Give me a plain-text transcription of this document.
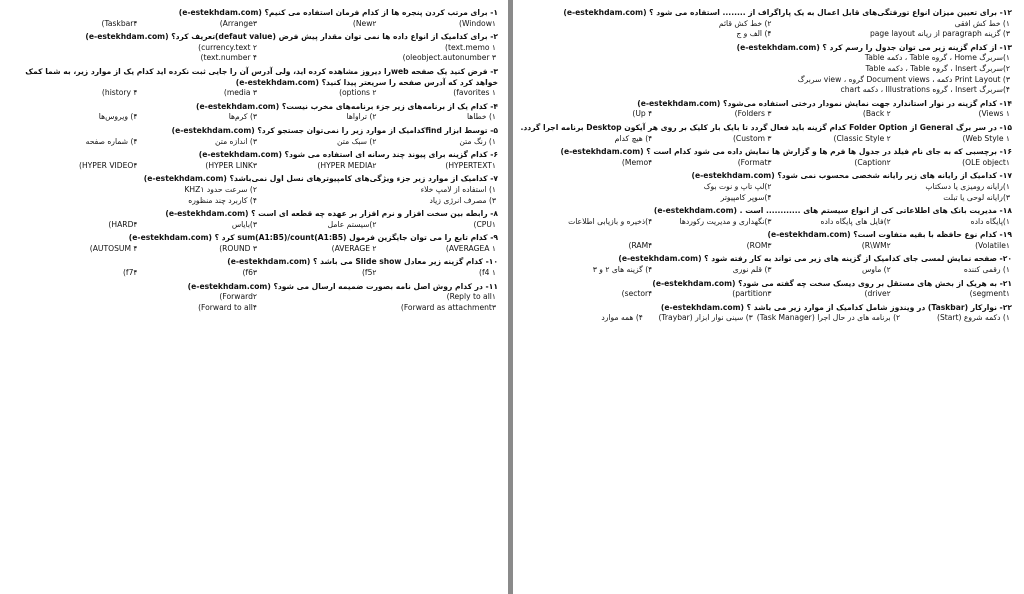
۱- برای مرتب کردن پنجره ها از کدام فرمان استفاده می کنیم؟ (e-estekhdam.com)
Window۱)
New۲)
Arrange۳)
Taskbar۴)
۲- برای کدامیک از انواع داده ها نمی توان مقدار پیش فرض (defaut value)تعریف کرد؟ (e-estekhdam.com)
text.memo ۱)
currency.text ۲)
oleobject.autonumber ۳)
text.number ۴)
۳- فرض کنید یک صفحه webرا دیروز مشاهده کرده اید، ولی آدرس آن را جایی ثبت نکرده اید کدام یک از موارد زیر، به شما کمک خواهد کرد که آدرس صفحه را سریعتر پیدا کنید؟ (e-estekhdam.com)
favorites ۱)
options ۲)
media ۳)
history ۴)
۴- کدام یک از برنامه‌های زیر جزء برنامه‌های مخرب نیست؟ (e-estekhdam.com)
۱) خطاها
۲) تراواها
۳) کرم‌ها
۴) ویروس‌ها
۵- توسط ابزار findکدامیک از موارد زیر را نمی‌توان جستجو کرد؟ (e-estekhdam.com)
۱) رنگ متن
۲) سبک متن
۳) اندازه متن
۴) شماره صفحه
۶- کدام گزینه برای پیوند چند رسانه ای استفاده می شود؟ (e-estekhdam.com)
HYPERTEXT۱)
HYPER MEDIA۲)
HYPER LINK۳)
HYPER VIDEO۴)
۷- کدامیک از موارد زیر جزء ویژگی‌های کامپیوترهای نسل اول نمی‌باشد؟ (e-estekhdam.com)
۱) استفاده از لامپ خلاء
۲) سرعت حدود KHZ۱
۳) مصرف انرژی زیاد
۴) کاربرد چند منظوره
۸- رابطه بین سخت افزار و نرم افزار بر عهده چه قطعه ای است ؟ (e-estekhdam.com)
CPU۱)
۲)سیستم عامل
۳)بایاس
HARD۴)
۹- کدام تابع را می توان جایگزین فرمول sum(A1:B5)/count(A1:B5) کرد ؟ (e-estekhdam.com)
AVERAGEA ۱)
AVERAGE ۲)
ROUND ۳)
AUTOSUM ۴)
۱۰- کدام گزینه زیر معادل Slide show می باشد ؟ (e-estekhdam.com)
f4 ۱)
f5۲)
f6۳)
f7۴)
۱۱- در کدام روش اصل نامه بصورت ضمیمه ارسال می شود؟ (e-estekhdam.com)
Reply to all۱)
Forward۲)
Forward as attachment۳)
Forward to all۴)
۱۲- برای تعیین میزان انواع تورفتگی‌های قابل اعمال به یک پاراگراف از ........ استفاده می شود ؟ (e-estekhdam.com)
۱) خط کش افقی
۲) خط کش قائم
۳) گزینه paragraph از ریانه page layout
۴) الف و ج
۱۳- از کدام گزینه زیر می توان جدول را رسم کرد ؟ (e-estekhdam.com)
۱)سربرگ Home ، گروه Table ، دکمه Table
۲)سربرگ Insert ، گروه Table ، دکمه Table
۳) Print Layout دکمه ، Document views گروه ، view سربرگ
۴)سربرگ Insert ، گروه Illustrations ، دکمه chart
۱۴- کدام گزینه در نوار استاندارد جهت نمایش نمودار درختی استفاده می‌شود؟ (e-estekhdam.com)
Views ۱)
Back ۲)
Folders ۳)
Up ۴)
۱۵- در سر برگ General از Folder Option کدام گزینه باید فعال گردد تا بایک بار کلیک بر روی هر آیکون Desktop برنامه اجرا گردد.
Web Style ۱)
Classic Style ۲)
Custom ۳)
۴) هیچ کدام
۱۶- برچسبی که به جای نام فیلد در جدول ها فرم ها و گزارش ها نمایش داده می شود کدام است ؟ (e-estekhdam.com)
OLE object۱)
Caption۲)
Format۳)
Memo۴)
۱۷- کدامیک از رایانه های زیر رایانه شخصی محسوب نمی شود؟ (e-estekhdam.com)
۱)رایانه رومیزی یا دسکتاپ
۲)لپ تاپ و نوت بوک
۳)رایانه لوحی یا تبلت
۴)سوپر کامپیوتر
۱۸- مدیریت بانک های اطلاعاتی کی از انواع سیستم های ............ است . (e-estekhdam.com)
۱)پایگاه داده
۲)فایل های پایگاه داده
۳)نگهداری و مدیریت رکوردها
۴)ذخیره و بازیابی اطلاعات
۱۹- کدام نوع حافظه با بقیه متفاوت است؟ (e-estekhdam.com)
Volatile۱)
R\WM۲)
ROM۳)
RAM۴)
۲۰- صفحه نمایش لمسی جای کدامیک از گزینه های زیر می تواند به کار رفته شود ؟ (e-estekhdam.com)
۱) رقمی کننده
۲) ماوس
۳) قلم نوری
۴) گزینه های ۲ و ۳
۲۱- به هریک از بخش های مستقل بر روی دیسک سخت چه گفته می شود؟ (e-estekhdam.com)
segment۱)
drive۲)
partition۳)
sector۴)
۲۲- نوارکار (Taskbar) در ویندوز شامل کدامیک از موارد زیر می باشد ؟ (e-estekhdam.com)
۱) دکمه شروع (Start)
۲) برنامه های در حال اجرا (Task Manager)
۳) سینی نوار ابزار (Traybar)
۴) همه موارد
